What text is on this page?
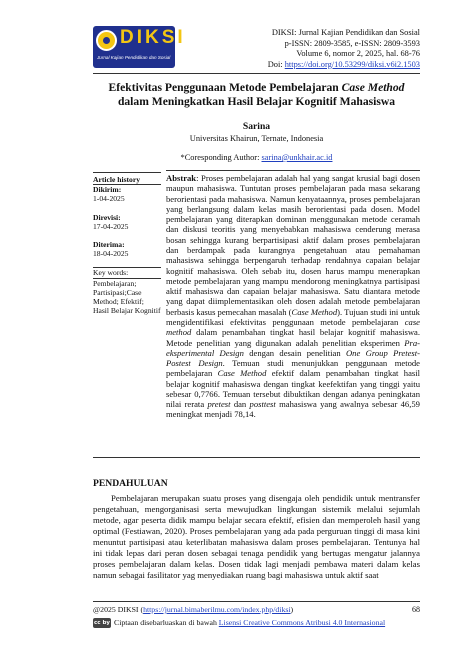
DIKSI
Jurnal Kajian Pendidikan dan Sosial
DIKSI: Jurnal Kajian Pendidikan dan Sosial
p-ISSN: 2809-3585, e-ISSN: 2809-3593
Volume 6, nomor 2, 2025, hal. 68-76
Doi: https://doi.org/10.53299/diksi.v6i2.1503
Efektivitas Penggunaan Metode Pembelajaran Case Method
dalam Meningkatkan Hasil Belajar Kognitif Mahasiswa
Sarina
Universitas Khairun, Ternate, Indonesia
*Coresponding Author: sarina@unkhair.ac.id
Article history
Dikirim:
1-04-2025
Direvisi:
17-04-2025
Diterima:
18-04-2025
Key words:
Pembelajaran; Partisipasi;Case Method; Efektif; Hasil Belajar Kognitif
Abstrak: Proses pembelajaran adalah hal yang sangat krusial bagi dosen maupun mahasiswa. Tuntutan proses pembelajaran pada masa sekarang berorientasi pada mahasiswa. Namun kenyataannya, proses pembelajaran yang berlangsung dalam kelas masih berorientasi pada dosen. Model pembelajaran yang diterapkan dominan menggunakan metode ceramah dan diskusi teoritis yang menyebabkan mahasiswa cenderung merasa bosan sehingga kurang berpartisipasi aktif dalam proses pembelajaran dan berdampak pada kurangnya pengetahuan atau pemahaman mahasiswa sehingga berpengaruh terhadap rendahnya capaian belajar kognitif mahasiswa. Oleh sebab itu, dosen harus mampu menerapkan metode pembelajaran yang mampu mendorong meningkatnya partisipasi aktif mahasiswa dan capaian belajar mahasiswa. Satu diantara metode yang dapat diimplementasikan oleh dosen adalah metode pembelajaran berbasis kasus pemecahan masalah (Case Method). Tujuan studi ini untuk mengidentifikasi efektivitas penggunaan metode pembelajaran case method dalam penambahan tingkat hasil belajar kognitif mahasiswa. Metode penelitian yang digunakan adalah penelitian eksperimen Pra-eksperimental Design dengan desain penelitian One Group Pretest-Postest Design. Temuan studi menunjukkan penggunaan metode pembelajaran Case Method efektif dalam penambahan tingkat hasil belajar kognitif mahasiswa dengan tingkat keefektifan yang tinggi yaitu sebesar 0,7766. Temuan tersebut dibuktikan dengan adanya peningkatan nilai rerata pretest dan posttest mahasiswa yang awalnya sebesar 46,59 meningkat menjadi 78,14.
PENDAHULUAN
Pembelajaran merupakan suatu proses yang disengaja oleh pendidik untuk mentransfer pengetahuan, mengorganisasi serta mewujudkan lingkungan sistemik melalui sejumlah metode, agar peserta didik mampu belajar secara efektif, efisien dan memperoleh hasil yang optimal (Festiawan, 2020). Proses pembelajaran yang ada pada perguruan tinggi di masa kini menuntut partisipasi atau keterlibatan mahasiswa dalam proses pembelajaran. Tentunya hal ini tidak lepas dari peran dosen sebagai tenaga pendidik yang bertugas mengatur jalannya proses pembelajaran dalam kelas. Dosen tidak lagi menjadi pembawa materi dalam kelas namun sebagai fasilitator yag menyediakan ruang bagi mahasiswa untuk aktif saat
@2025 DIKSI (https://jurnal.bimaberilmu.com/index.php/diksi)	68
cc by Ciptaan disebarluaskan di bawah Lisensi Creative Commons Atribusi 4.0 Internasional
